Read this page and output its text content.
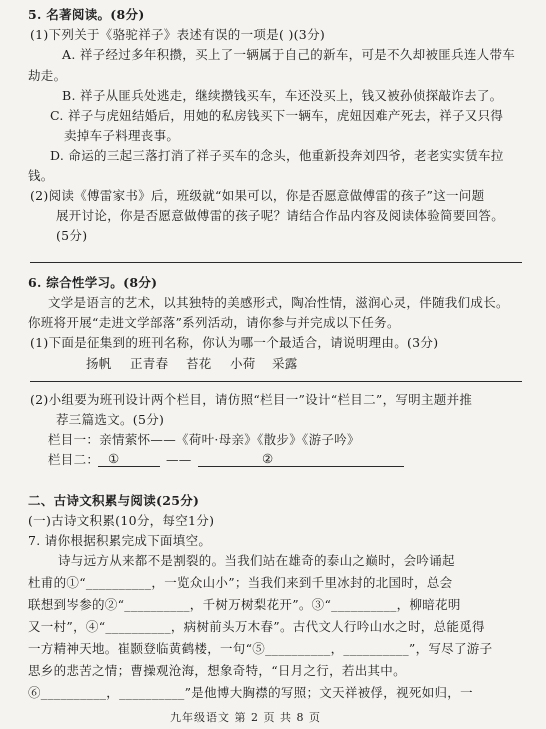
5. 名著阅读。(8分)
(1)下列关于《骆驼祥子》表述有误的一项是( )(3分)
A. 祥子经过多年积攒，买上了一辆属于自己的新车，可是不久却被匪兵连人带车
劫走。
B. 祥子从匪兵处逃走，继续攒钱买车，车还没买上，钱又被孙侦探敲诈去了。
C. 祥子与虎妞结婚后，用她的私房钱买下一辆车，虎妞因难产死去，祥子又只得
卖掉车子料理丧事。
D. 命运的三起三落打消了祥子买车的念头，他重新投奔刘四爷，老老实实赁车拉
钱。
(2)阅读《傅雷家书》后，班级就“如果可以，你是否愿意做傅雷的孩子”这一问题
展开讨论，你是否愿意做傅雷的孩子呢？请结合作品内容及阅读体验简要回答。
(5分)
6. 综合性学习。(8分)
文学是语言的艺术，以其独特的美感形式，陶冶性情，滋润心灵，伴随我们成长。
你班将开展“走进文学部落”系列活动，请你参与并完成以下任务。
(1)下面是征集到的班刊名称，你认为哪一个最适合，请说明理由。(3分)
扬帆 正青春 苔花 小荷 采露
(2)小组要为班刊设计两个栏目，请仿照“栏目一”设计“栏目二”，写明主题并推
荐三篇选文。(5分)
栏目一：亲情萦怀——《荷叶·母亲》《散步》《游子吟》
栏目二： ①	——	②
二、古诗文积累与阅读(25分)
(一)古诗文积累(10分，每空1分)
7. 请你根据积累完成下面填空。
诗与远方从来都不是割裂的。当我们站在雄奇的泰山之巅时，会吟诵起
杜甫的①“__________，一览众山小”；当我们来到千里冰封的北国时，总会
联想到岑参的②“__________，千树万树梨花开”。③“__________，柳暗花明
又一村”，④“__________，病树前头万木春”。古代文人行吟山水之时，总能觅得
一方精神天地。崔颢登临黄鹤楼，一句“⑤__________，__________”，写尽了游子
思乡的悲苦之情；曹操观沧海，想象奇特，“日月之行，若出其中。
⑥__________，__________”是他博大胸襟的写照；文天祥被俘，视死如归，一
九年级语文 第 2 页 共 8 页
